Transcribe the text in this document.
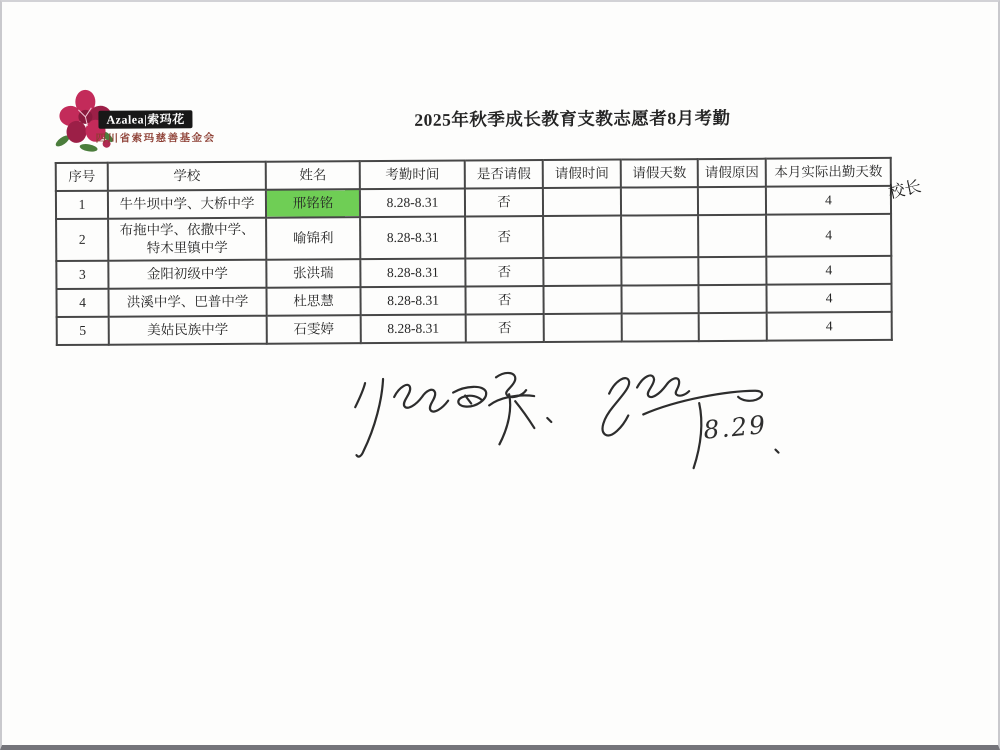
Azalea|索玛花
四川省索玛慈善基金会
2025年秋季成长教育支教志愿者8月考勤
序号	学校	姓名	考勤时间	是否请假	请假时间	请假天数	请假原因	本月实际出勤天数
1	牛牛坝中学、大桥中学	邢铭铭	8.28-8.31	否				4
2	布拖中学、依撒中学、特木里镇中学	喻锦利	8.28-8.31	否				4
3	金阳初级中学	张洪瑞	8.28-8.31	否				4
4	洪溪中学、巴普中学	杜思慧	8.28-8.31	否				4
5	美姑民族中学	石雯婷	8.28-8.31	否				4
校长
8.29
